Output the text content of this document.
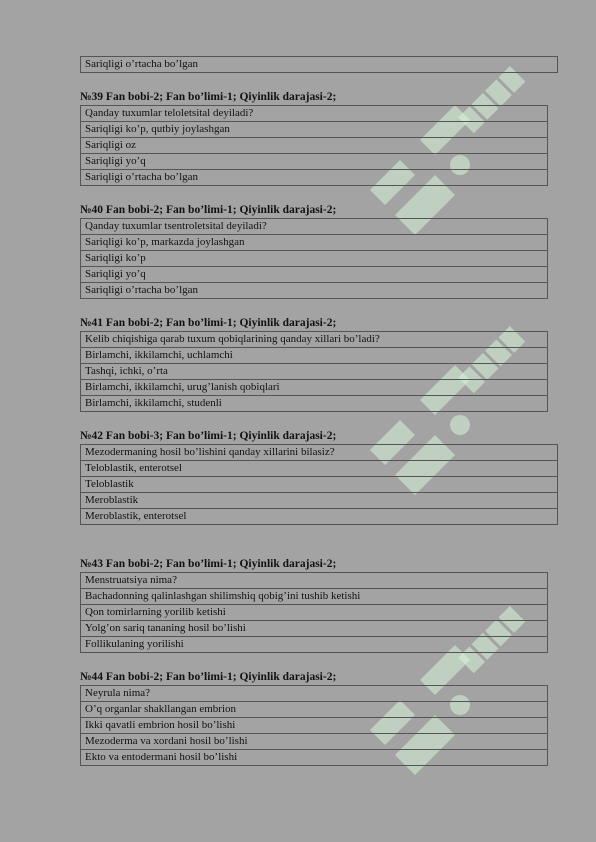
Sariqligi o’rtacha bo’lgan
№39 Fan bobi-2; Fan bo’limi-1; Qiyinlik darajasi-2;
Qanday tuxumlar teloletsital deyiladi?
Sariqligi ko’p, qutbiy joylashgan
Sariqligi oz
Sariqligi yo’q
Sariqligi o’rtacha bo’lgan
№40 Fan bobi-2; Fan bo’limi-1; Qiyinlik darajasi-2;
Qanday tuxumlar tsentroletsital deyiladi?
Sariqligi ko’p, markazda joylashgan
Sariqligi ko’p
Sariqligi yo’q
Sariqligi o’rtacha bo’lgan
№41 Fan bobi-2; Fan bo’limi-1; Qiyinlik darajasi-2;
Kelib chiqishiga qarab tuxum qobiqlarining qanday xillari bo’ladi?
Birlamchi, ikkilamchi, uchlamchi
Tashqi, ichki, o’rta
Birlamchi, ikkilamchi, urug’lanish qobiqlari
Birlamchi, ikkilamchi, studenli
№42 Fan bobi-3; Fan bo’limi-1; Qiyinlik darajasi-2;
Mezodermaning hosil bo’lishini qanday xillarini bilasiz?
Teloblastik, enterotsel
Teloblastik
Meroblastik
Meroblastik, enterotsel
№43 Fan bobi-2; Fan bo’limi-1; Qiyinlik darajasi-2;
Menstruatsiya nima?
Bachadonning qalinlashgan shilimshiq qobig’ini tushib ketishi
Qon tomirlarning yorilib ketishi
Yolg’on sariq tananing hosil bo’lishi
Follikulaning yorilishi
№44 Fan bobi-2; Fan bo’limi-1; Qiyinlik darajasi-2;
Neyrula nima?
O’q organlar shakllangan embrion
Ikki qavatli embrion hosil bo’lishi
Mezoderma va xordani hosil bo’lishi
Ekto va entodermani hosil bo’lishi
